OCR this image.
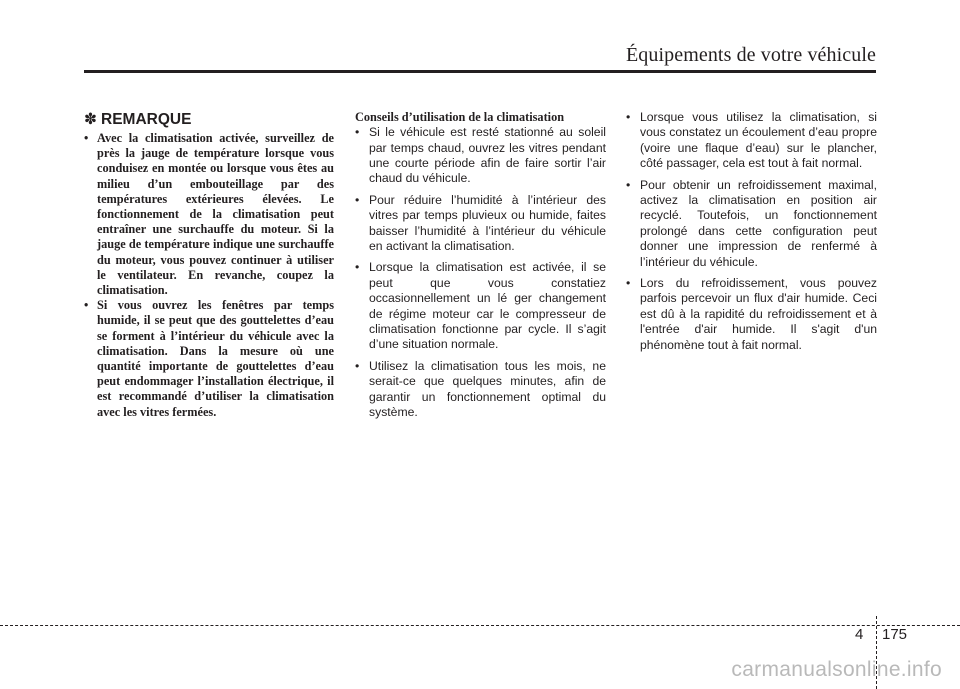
Équipements de votre véhicule
✽ REMARQUE
• Avec la climatisation activée, surveillez de près la jauge de température lorsque vous conduisez en montée ou lorsque vous êtes au milieu d’un embouteillage par des températures extérieures élevées. Le fonctionnement de la climatisation peut entraîner une surchauffe du moteur. Si la jauge de température indique une surchauffe du moteur, vous pouvez continuer à utiliser le ventilateur. En revanche, coupez la climatisation.
• Si vous ouvrez les fenêtres par temps humide, il se peut que des gouttelettes d’eau se forment à l’intérieur du véhicule avec la climatisation. Dans la mesure où une quantité importante de gouttelettes d’eau peut endommager l’installation électrique, il est recommandé d’utiliser la climatisation avec les vitres fermées.
Conseils d’utilisation de la climatisation
• Si le véhicule est resté stationné au soleil par temps chaud, ouvrez les vitres pendant une courte période afin de faire sortir l’air chaud du véhicule.
• Pour réduire l’humidité à l’intérieur des vitres par temps pluvieux ou humide, faites baisser l’humidité à l’intérieur du véhicule en activant la climatisation.
• Lorsque la climatisation est activée, il se peut que vous constatiez occasionnellement un lé ger changement de régime moteur car le compresseur de climatisation fonctionne par cycle. Il s’agit d’une situation normale.
• Utilisez la climatisation tous les mois, ne serait-ce que quelques minutes, afin de garantir un fonctionnement optimal du système.
• Lorsque vous utilisez la climatisation, si vous constatez un écoulement d’eau propre (voire une flaque d’eau) sur le plancher, côté passager, cela est tout à fait normal.
• Pour obtenir un refroidissement maximal, activez la climatisation en position air recyclé. Toutefois, un fonctionnement prolongé dans cette configuration peut donner une impression de renfermé à l’intérieur du véhicule.
• Lors du refroidissement, vous pouvez parfois percevoir un flux d'air humide. Ceci est dû à la rapidité du refroidissement et à l'entrée d'air humide. Il s'agit d'un phénomène tout à fait normal.
4 175
carmanualsonline.info
